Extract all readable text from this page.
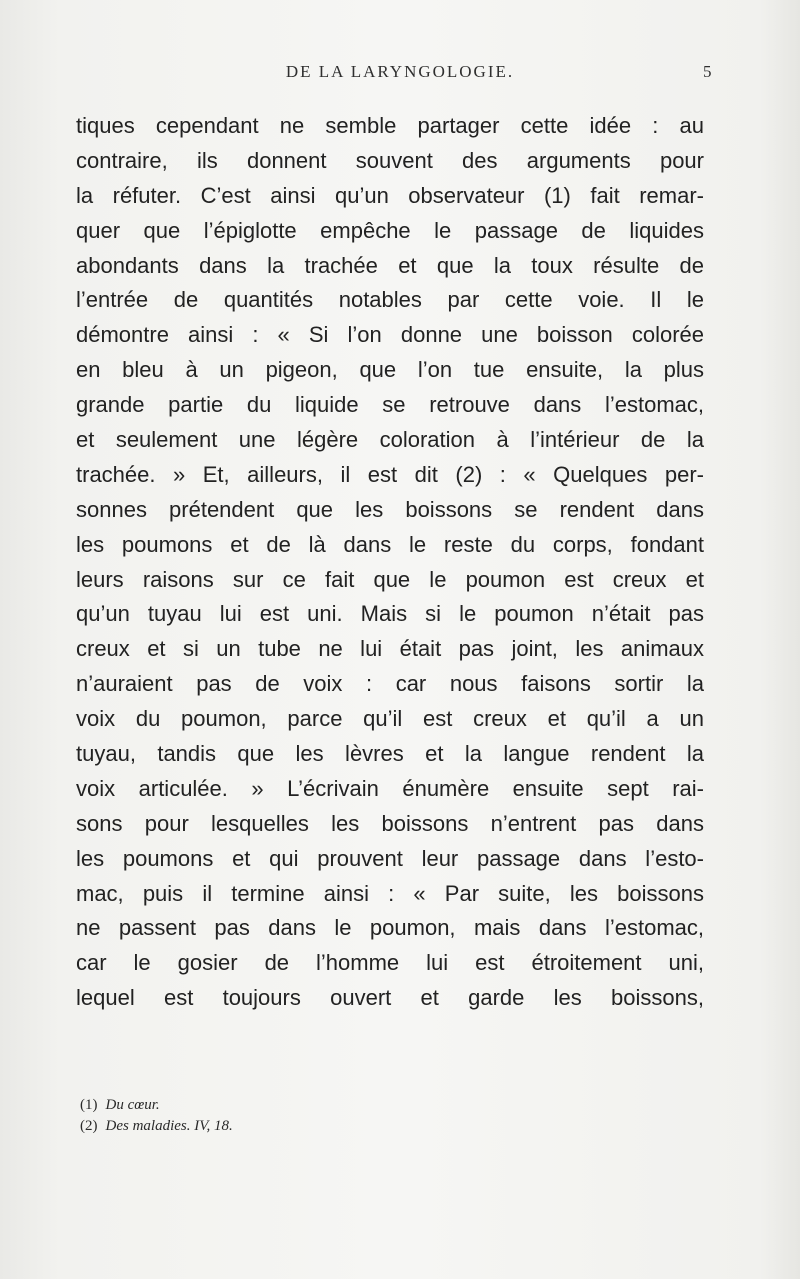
DE LA LARYNGOLOGIE.	5
tiques cependant ne semble partager cette idée : au
contraire, ils donnent souvent des arguments pour
la réfuter. C’est ainsi qu’un observateur (1) fait remar-
quer que l’épiglotte empêche le passage de liquides
abondants dans la trachée et que la toux résulte de
l’entrée de quantités notables par cette voie. Il le
démontre ainsi : « Si l’on donne une boisson colorée
en bleu à un pigeon, que l’on tue ensuite, la plus
grande partie du liquide se retrouve dans l’estomac,
et seulement une légère coloration à l’intérieur de la
trachée. » Et, ailleurs, il est dit (2) : « Quelques per-
sonnes prétendent que les boissons se rendent dans
les poumons et de là dans le reste du corps, fondant
leurs raisons sur ce fait que le poumon est creux et
qu’un tuyau lui est uni. Mais si le poumon n’était pas
creux et si un tube ne lui était pas joint, les animaux
n’auraient pas de voix : car nous faisons sortir la
voix du poumon, parce qu’il est creux et qu’il a un
tuyau, tandis que les lèvres et la langue rendent la
voix articulée. » L’écrivain énumère ensuite sept rai-
sons pour lesquelles les boissons n’entrent pas dans
les poumons et qui prouvent leur passage dans l’esto-
mac, puis il termine ainsi : « Par suite, les boissons
ne passent pas dans le poumon, mais dans l’estomac,
car le gosier de l’homme lui est étroitement uni,
lequel est toujours ouvert et garde les boissons,
(1) Du cœur.
(2) Des maladies. IV, 18.
